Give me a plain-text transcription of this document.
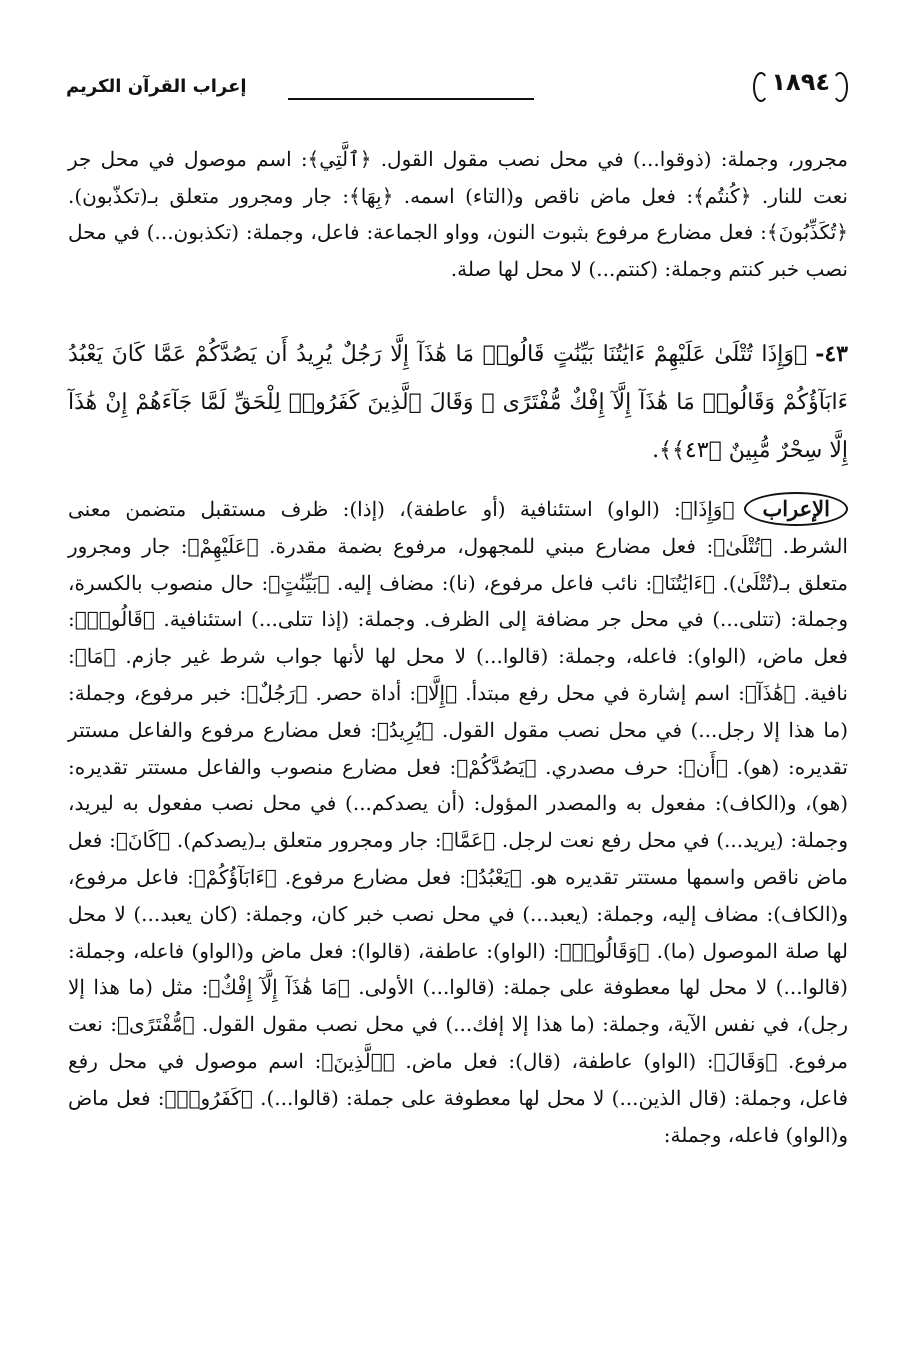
١٨٩٤
إعراب القرآن الكريم

مجرور، وجملة: (ذوقوا...) في محل نصب مقول القول. ﴿ٱلَّتِي﴾: اسم موصول في محل جر نعت للنار. ﴿كُنتُم﴾: فعل ماض ناقص و(التاء) اسمه. ﴿بِهَا﴾: جار ومجرور متعلق بـ(تكذّبون). ﴿تُكَذِّبُونَ﴾: فعل مضارع مرفوع بثبوت النون، وواو الجماعة: فاعل، وجملة: (تكذبون...) في محل نصب خبر كنتم وجملة: (كنتم...) لا محل لها صلة.

٤٣-﴿وَإِذَا تُتْلَىٰ عَلَيْهِمْ ءَايَٰتُنَا بَيِّنَٰتٍ قَالُوا۟ مَا هَٰذَآ إِلَّا رَجُلٌ يُرِيدُ أَن يَصُدَّكُمْ عَمَّا كَانَ يَعْبُدُ ءَابَآؤُكُمْ وَقَالُوا۟ مَا هَٰذَآ إِلَّآ إِفْكٌ مُّفْتَرًى ۚ وَقَالَ ٱلَّذِينَ كَفَرُوا۟ لِلْحَقِّ لَمَّا جَآءَهُمْ إِنْ هَٰذَآ إِلَّا سِحْرٌ مُّبِينٌ ﴿٤٣﴾﴾.

الإعراب﴿وَإِذَا﴾: (الواو) استئنافية (أو عاطفة)، (إذا): ظرف مستقبل متضمن معنى الشرط. ﴿تُتْلَىٰ﴾: فعل مضارع مبني للمجهول، مرفوع بضمة مقدرة. ﴿عَلَيْهِمْ﴾: جار ومجرور متعلق بـ(تُتْلَىٰ). ﴿ءَايَٰتُنَا﴾: نائب فاعل مرفوع، (نا): مضاف إليه. ﴿بَيِّنَٰتٍ﴾: حال منصوب بالكسرة، وجملة: (تتلى...) في محل جر مضافة إلى الظرف. وجملة: (إذا تتلى...) استئنافية. ﴿قَالُوا۟﴾: فعل ماض، (الواو): فاعله، وجملة: (قالوا...) لا محل لها لأنها جواب شرط غير جازم. ﴿مَا﴾: نافية. ﴿هَٰذَآ﴾: اسم إشارة في محل رفع مبتدأ. ﴿إِلَّا﴾: أداة حصر. ﴿رَجُلٌ﴾: خبر مرفوع، وجملة: (ما هذا إلا رجل...) في محل نصب مقول القول. ﴿يُرِيدُ﴾: فعل مضارع مرفوع والفاعل مستتر تقديره: (هو). ﴿أَن﴾: حرف مصدري. ﴿يَصُدَّكُمْ﴾: فعل مضارع منصوب والفاعل مستتر تقديره: (هو)، و(الكاف): مفعول به والمصدر المؤول: (أن يصدكم...) في محل نصب مفعول به ليريد، وجملة: (يريد...) في محل رفع نعت لرجل. ﴿عَمَّا﴾: جار ومجرور متعلق بـ(يصدكم). ﴿كَانَ﴾: فعل ماض ناقص واسمها مستتر تقديره هو. ﴿يَعْبُدُ﴾: فعل مضارع مرفوع. ﴿ءَابَآؤُكُمْ﴾: فاعل مرفوع، و(الكاف): مضاف إليه، وجملة: (يعبد...) في محل نصب خبر كان، وجملة: (كان يعبد...) لا محل لها صلة الموصول (ما). ﴿وَقَالُوا۟﴾: (الواو): عاطفة، (قالوا): فعل ماض و(الواو) فاعله، وجملة: (قالوا...) لا محل لها معطوفة على جملة: (قالوا...) الأولى. ﴿مَا هَٰذَآ إِلَّآ إِفْكٌ﴾: مثل (ما هذا إلا رجل)، في نفس الآية، وجملة: (ما هذا إلا إفك...) في محل نصب مقول القول. ﴿مُّفْتَرًى﴾: نعت مرفوع. ﴿وَقَالَ﴾: (الواو) عاطفة، (قال): فعل ماض. ﴿ٱلَّذِينَ﴾: اسم موصول في محل رفع فاعل، وجملة: (قال الذين...) لا محل لها معطوفة على جملة: (قالوا...). ﴿كَفَرُوا۟﴾: فعل ماض و(الواو) فاعله، وجملة:
